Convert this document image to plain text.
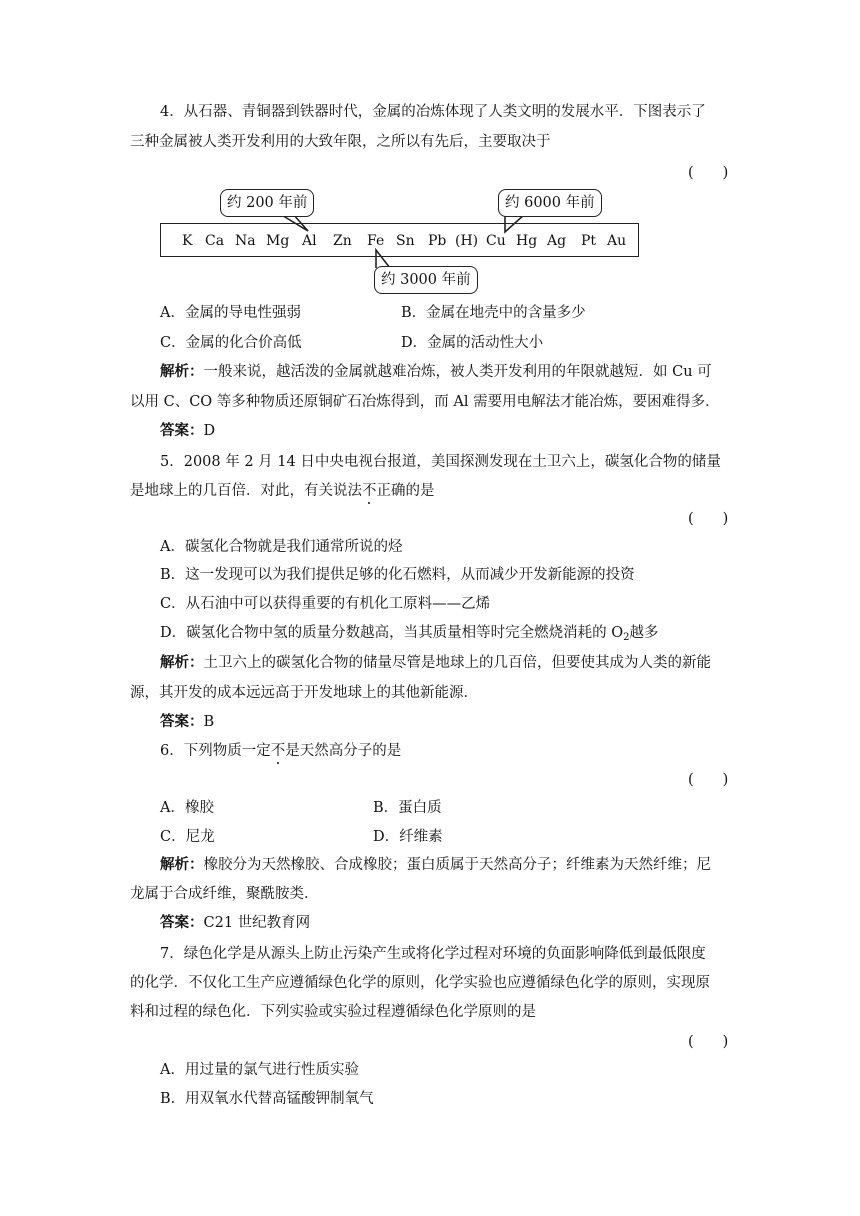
4．从石器、青铜器到铁器时代，金属的冶炼体现了人类文明的发展水平．下图表示了
三种金属被人类开发利用的大致年限，之所以有先后，主要取决于
(　　)
K Ca Na Mg Al Zn Fe Sn Pb (H) Cu Hg Ag Pt Au
约 200 年前	约 6000 年前
约 3000 年前
A．金属的导电性强弱	B．金属在地壳中的含量多少
C．金属的化合价高低	D．金属的活动性大小
解析：一般来说，越活泼的金属就越难冶炼，被人类开发利用的年限就越短．如 Cu 可
以用 C、CO 等多种物质还原铜矿石冶炼得到，而 Al 需要用电解法才能冶炼，要困难得多．
答案：D
5．2008 年 2 月 14 日中央电视台报道，美国探测发现在土卫六上，碳氢化合物的储量
是地球上的几百倍．对此，有关说法不正确的是
(　　)
A．碳氢化合物就是我们通常所说的烃
B．这一发现可以为我们提供足够的化石燃料，从而减少开发新能源的投资
C．从石油中可以获得重要的有机化工原料——乙烯
D．碳氢化合物中氢的质量分数越高，当其质量相等时完全燃烧消耗的 $O_2$越多
解析：土卫六上的碳氢化合物的储量尽管是地球上的几百倍，但要使其成为人类的新能
源，其开发的成本远远高于开发地球上的其他新能源．
答案：B
6．下列物质一定不是天然高分子的是
(　　)
A．橡胶	B．蛋白质
C．尼龙	D．纤维素
解析：橡胶分为天然橡胶、合成橡胶；蛋白质属于天然高分子；纤维素为天然纤维；尼
龙属于合成纤维，聚酰胺类．
答案：C21 世纪教育网
7．绿色化学是从源头上防止污染产生或将化学过程对环境的负面影响降低到最低限度
的化学．不仅化工生产应遵循绿色化学的原则，化学实验也应遵循绿色化学的原则，实现原
料和过程的绿色化．下列实验或实验过程遵循绿色化学原则的是
(　　)
A．用过量的氯气进行性质实验
B．用双氧水代替高锰酸钾制氧气
